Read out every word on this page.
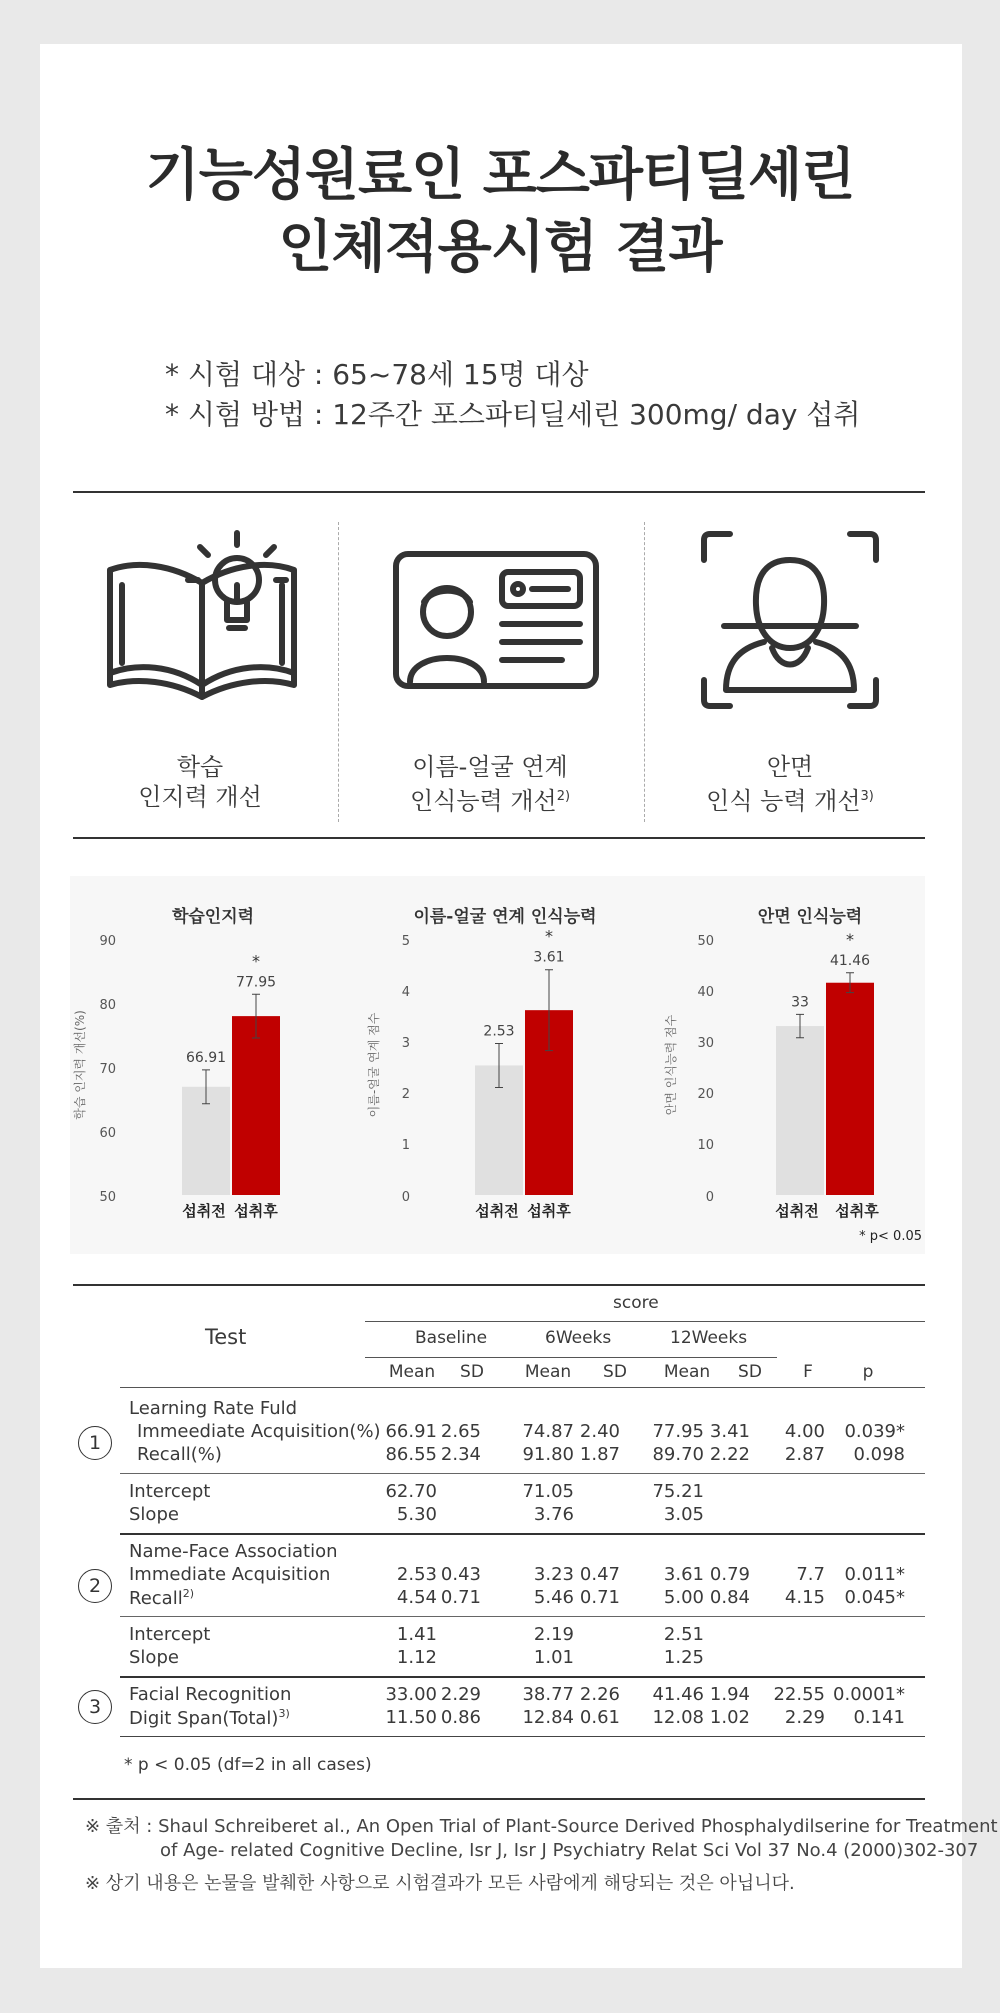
기능성원료인 포스파티딜세린
인체적용시험 결과
* 시험 대상 : 65~78세 15명 대상
* 시험 방법 : 12주간 포스파티딜세린 300mg/ day 섭취
학습
인지력 개선
이름-얼굴 연계
인식능력 개선$^{2)}$
안면
인식 능력 개선$^{3)}$
학습인지력
학습 인지력 개선(%)
90
80
70
60
50
66.91
77.95
*
섭취전 섭취후
이름-얼굴 연계 인식능력
이름-얼굴 연계 점수
5
4
3
2
1
0
2.53
3.61
*
섭취전 섭취후
안면 인식능력
안면 인식능력 점수
50
40
30
20
10
0
33
41.46
*
섭취전 섭취후
* p< 0.05
Test
score
Baseline	6Weeks	12Weeks
Mean	SD	Mean	SD	Mean	SD	F	p
Learning Rate Fuld
Immeediate Acquisition(%) 66.91 2.65	74.87 2.40	77.95 3.41	4.00	0.039*
Recall(%)	86.55 2.34	91.80 1.87	89.70 2.22	2.87	0.098
1
Intercept	62.70	71.05	75.21
Slope	5.30	3.76	3.05
Name-Face Association
Immediate Acquisition	2.53 0.43	3.23 0.47	3.61 0.79	7.7	0.011*
Recall$^{2)}$	4.54 0.71	5.46 0.71	5.00 0.84	4.15	0.045*
2
Intercept	1.41	2.19	2.51
Slope	1.12	1.01	1.25
Facial Recognition	33.00 2.29	38.77 2.26	41.46 1.94	22.55 0.0001*
Digit Span(Total)$^{3)}$	11.50 0.86	12.84 0.61	12.08 1.02	2.29	0.141
3
* p < 0.05 (df=2 in all cases)
※ 출처 : Shaul Schreiberet al., An Open Trial of Plant-Source Derived Phosphalydilserine for Treatment
of Age- related Cognitive Decline, Isr J, Isr J Psychiatry Relat Sci Vol 37 No.4 (2000)302-307
※ 상기 내용은 논물을 발췌한 사항으로 시험결과가 모든 사람에게 해당되는 것은 아닙니다.
